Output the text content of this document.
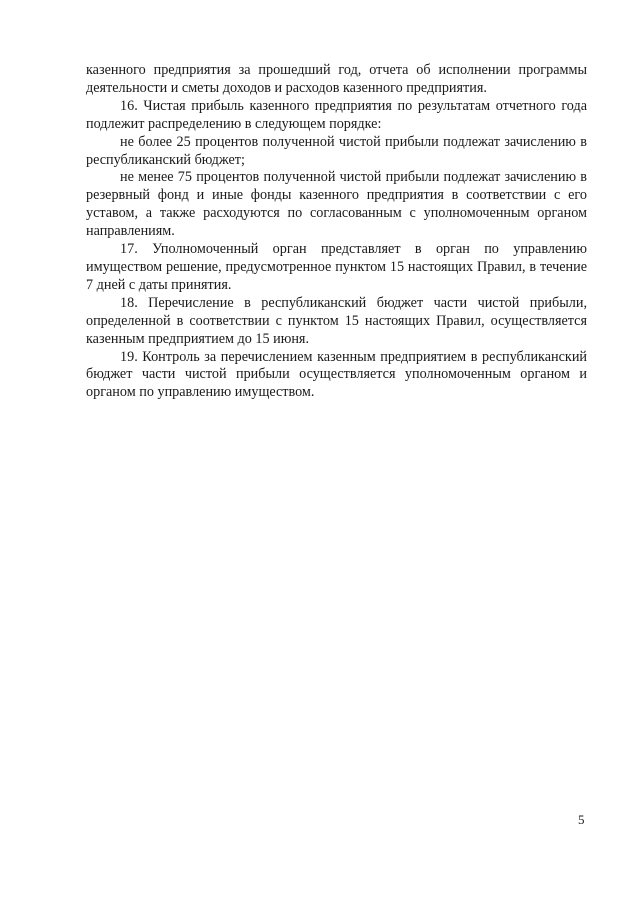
казенного предприятия за прошедший год, отчета об исполнении программы деятельности и сметы доходов и расходов казенного предприятия.

16. Чистая прибыль казенного предприятия по результатам отчетного года подлежит распределению в следующем порядке:

не более 25 процентов полученной чистой прибыли подлежат зачислению в республиканский бюджет;

не менее 75 процентов полученной чистой прибыли подлежат зачислению в резервный фонд и иные фонды казенного предприятия в соответствии с его уставом, а также расходуются по согласованным с уполномоченным органом направлениям.

17. Уполномоченный орган представляет в орган по управлению имуществом решение, предусмотренное пунктом 15 настоящих Правил, в течение 7 дней с даты принятия.

18. Перечисление в республиканский бюджет части чистой прибыли, определенной в соответствии с пунктом 15 настоящих Правил, осуществляется казенным предприятием до 15 июня.

19. Контроль за перечислением казенным предприятием в республиканский бюджет части чистой прибыли осуществляется уполномоченным органом и органом по управлению имуществом.

5
